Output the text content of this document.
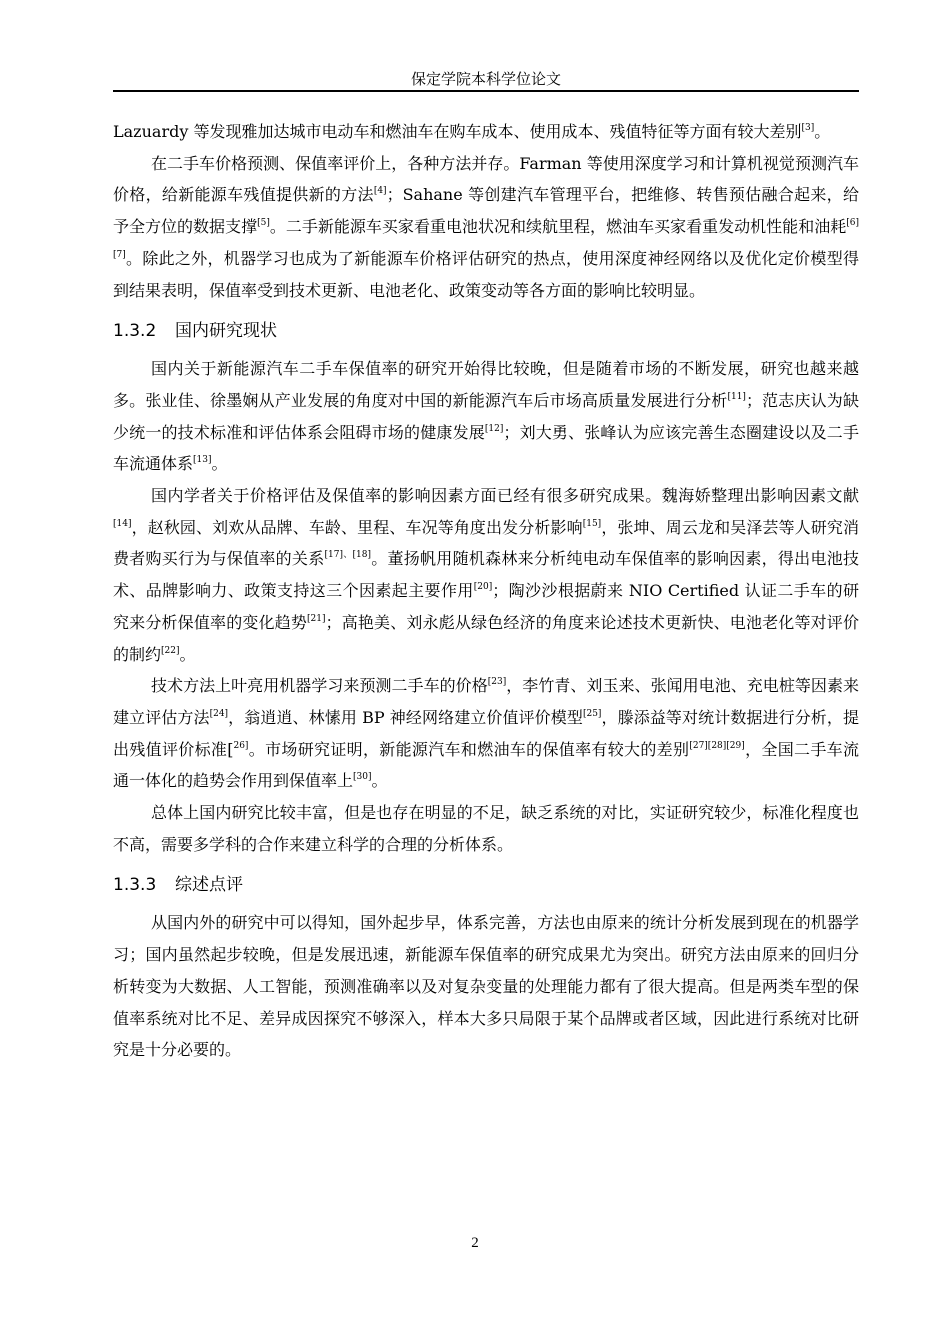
保定学院本科学位论文

Lazuardy 等发现雅加达城市电动车和燃油车在购车成本、使用成本、残值特征等方面有较大差别[3]。

在二手车价格预测、保值率评价上，各种方法并存。Farman 等使用深度学习和计算机视觉预测汽车价格，给新能源车残值提供新的方法[4]；Sahane 等创建汽车管理平台，把维修、转售预估融合起来，给予全方位的数据支撑[5]。二手新能源车买家看重电池状况和续航里程，燃油车买家看重发动机性能和油耗[6][7]。除此之外，机器学习也成为了新能源车价格评估研究的热点，使用深度神经网络以及优化定价模型得到结果表明，保值率受到技术更新、电池老化、政策变动等各方面的影响比较明显。

1.3.2 国内研究现状

国内关于新能源汽车二手车保值率的研究开始得比较晚，但是随着市场的不断发展，研究也越来越多。张业佳、徐墨娴从产业发展的角度对中国的新能源汽车后市场高质量发展进行分析[11]；范志庆认为缺少统一的技术标准和评估体系会阻碍市场的健康发展[12]；刘大勇、张峰认为应该完善生态圈建设以及二手车流通体系[13]。

国内学者关于价格评估及保值率的影响因素方面已经有很多研究成果。魏海娇整理出影响因素文献[14]，赵秋园、刘欢从品牌、车龄、里程、车况等角度出发分析影响[15]，张坤、周云龙和吴泽芸等人研究消费者购买行为与保值率的关系[17]、[18]。董扬帆用随机森林来分析纯电动车保值率的影响因素，得出电池技术、品牌影响力、政策支持这三个因素起主要作用[20]；陶沙沙根据蔚来 NIO Certified 认证二手车的研究来分析保值率的变化趋势[21]；高艳美、刘永彪从绿色经济的角度来论述技术更新快、电池老化等对评价的制约[22]。

技术方法上叶亮用机器学习来预测二手车的价格[23]，李竹青、刘玉来、张闻用电池、充电桩等因素来建立评估方法[24]，翁逍逍、林愫用 BP 神经网络建立价值评价模型[25]，滕添益等对统计数据进行分析，提出残值评价标准[$^{26]}$。市场研究证明，新能源汽车和燃油车的保值率有较大的差别[27][28][29]，全国二手车流通一体化的趋势会作用到保值率上[30]。

总体上国内研究比较丰富，但是也存在明显的不足，缺乏系统的对比，实证研究较少，标准化程度也不高，需要多学科的合作来建立科学的合理的分析体系。

1.3.3 综述点评

从国内外的研究中可以得知，国外起步早，体系完善，方法也由原来的统计分析发展到现在的机器学习；国内虽然起步较晚，但是发展迅速，新能源车保值率的研究成果尤为突出。研究方法由原来的回归分析转变为大数据、人工智能，预测准确率以及对复杂变量的处理能力都有了很大提高。但是两类车型的保值率系统对比不足、差异成因探究不够深入，样本大多只局限于某个品牌或者区域，因此进行系统对比研究是十分必要的。

2
